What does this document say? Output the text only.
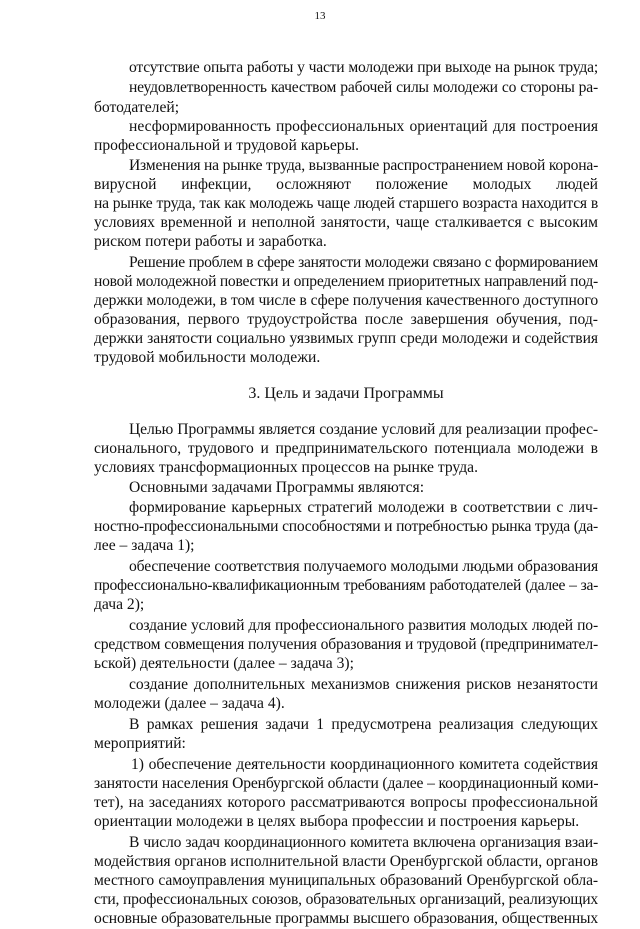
13
отсутствие опыта работы у части молодежи при выходе на рынок труда;
неудовлетворенность качеством рабочей силы молодежи со стороны ра-
ботодателей;
несформированность профессиональных ориентаций для построения
профессиональной и трудовой карьеры.
Изменения на рынке труда, вызванные распространением новой корона-
вирусной инфекции, осложняют положение молодых людей
на рынке труда, так как молодежь чаще людей старшего возраста находится в
условиях временной и неполной занятости, чаще сталкивается с высоким
риском потери работы и заработка.
Решение проблем в сфере занятости молодежи связано с формированием
новой молодежной повестки и определением приоритетных направлений под-
держки молодежи, в том числе в сфере получения качественного доступного
образования, первого трудоустройства после завершения обучения, под-
держки занятости социально уязвимых групп среди молодежи и содействия
трудовой мобильности молодежи.
3. Цель и задачи Программы
Целью Программы является создание условий для реализации профес-
сионального, трудового и предпринимательского потенциала молодежи в
условиях трансформационных процессов на рынке труда.
Основными задачами Программы являются:
формирование карьерных стратегий молодежи в соответствии с лич-
ностно-профессиональными способностями и потребностью рынка труда (да-
лее – задача 1);
обеспечение соответствия получаемого молодыми людьми образования
профессионально-квалификационным требованиям работодателей (далее – за-
дача 2);
создание условий для профессионального развития молодых людей по-
средством совмещения получения образования и трудовой (предпринимател-
ьской) деятельности (далее – задача 3);
создание дополнительных механизмов снижения рисков незанятости
молодежи (далее – задача 4).
В рамках решения задачи 1 предусмотрена реализация следующих
мероприятий:
1) обеспечение деятельности координационного комитета содействия
занятости населения Оренбургской области (далее – координационный коми-
тет), на заседаниях которого рассматриваются вопросы профессиональной
ориентации молодежи в целях выбора профессии и построения карьеры.
В число задач координационного комитета включена организация взаи-
модействия органов исполнительной власти Оренбургской области, органов
местного самоуправления муниципальных образований Оренбургской обла-
сти, профессиональных союзов, образовательных организаций, реализующих
основные образовательные программы высшего образования, общественных
